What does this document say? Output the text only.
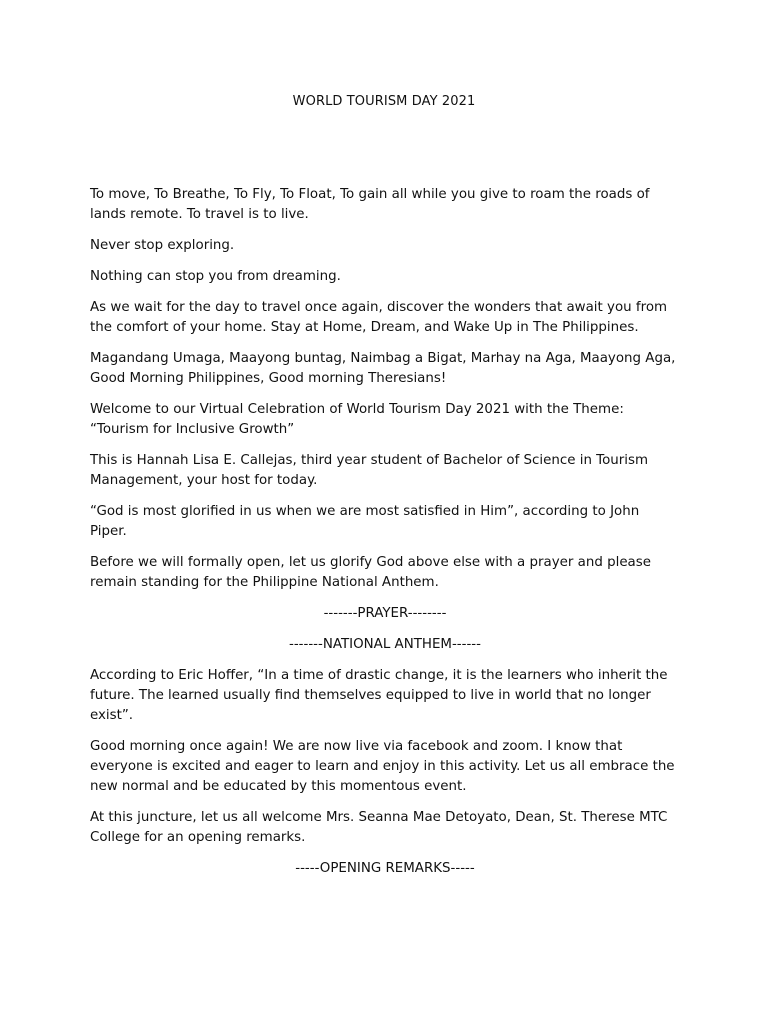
WORLD TOURISM DAY 2021

To move, To Breathe, To Fly, To Float, To gain all while you give to roam the roads of lands remote. To travel is to live.

Never stop exploring.

Nothing can stop you from dreaming.

As we wait for the day to travel once again, discover the wonders that await you from the comfort of your home. Stay at Home, Dream, and Wake Up in The Philippines.

Magandang Umaga, Maayong buntag, Naimbag a Bigat, Marhay na Aga, Maayong Aga, Good Morning Philippines, Good morning Theresians!

Welcome to our Virtual Celebration of World Tourism Day 2021 with the Theme: “Tourism for Inclusive Growth”

This is Hannah Lisa E. Callejas, third year student of Bachelor of Science in Tourism Management, your host for today.

“God is most glorified in us when we are most satisfied in Him”, according to John Piper.

Before we will formally open, let us glorify God above else with a prayer and please remain standing for the Philippine National Anthem.

-------PRAYER--------

-------NATIONAL ANTHEM------

According to Eric Hoffer, “In a time of drastic change, it is the learners who inherit the future. The learned usually find themselves equipped to live in world that no longer exist”.

Good morning once again! We are now live via facebook and zoom. I know that everyone is excited and eager to learn and enjoy in this activity. Let us all embrace the new normal and be educated by this momentous event.

At this juncture, let us all welcome Mrs. Seanna Mae Detoyato, Dean, St. Therese MTC College for an opening remarks.

-----OPENING REMARKS-----
